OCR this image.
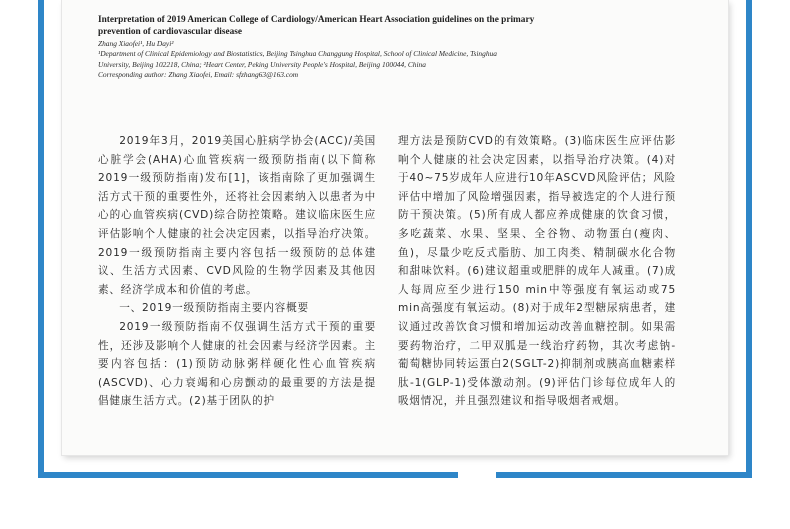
Interpretation of 2019 American College of Cardiology/American Heart Association guidelines on the primary prevention of cardiovascular disease
Zhang Xiaofei¹, Hu Dayi²
¹Department of Clinical Epidemiology and Biostatistics, Beijing Tsinghua Changgung Hospital, School of Clinical Medicine, Tsinghua University, Beijing 102218, China; ²Heart Center, Peking University People's Hospital, Beijing 100044, China
Corresponding author: Zhang Xiaofei, Email: sfzhang63@163.com

2019年3月，2019美国心脏病学协会(ACC)/美国心脏学会(AHA)心血管疾病一级预防指南(以下简称2019一级预防指南)发布[1]，该指南除了更加强调生活方式干预的重要性外，还将社会因素纳入以患者为中心的心血管疾病(CVD)综合防控策略。建议临床医生应评估影响个人健康的社会决定因素，以指导治疗决策。2019一级预防指南主要内容包括一级预防的总体建议、生活方式因素、CVD风险的生物学因素及其他因素、经济学成本和价值的考虑。

一、2019一级预防指南主要内容概要

2019一级预防指南不仅强调生活方式干预的重要性，还涉及影响个人健康的社会因素与经济学因素。主要内容包括：(1)预防动脉粥样硬化性心血管疾病(ASCVD)、心力衰竭和心房颤动的最重要的方法是提倡健康生活方式。(2)基于团队的护

理方法是预防CVD的有效策略。(3)临床医生应评估影响个人健康的社会决定因素，以指导治疗决策。(4)对于40~75岁成年人应进行10年ASCVD风险评估；风险评估中增加了风险增强因素，指导被选定的个人进行预防干预决策。(5)所有成人都应养成健康的饮食习惯，多吃蔬菜、水果、坚果、全谷物、动物蛋白(瘦肉、鱼)，尽量少吃反式脂肪、加工肉类、精制碳水化合物和甜味饮料。(6)建议超重或肥胖的成年人减重。(7)成人每周应至少进行150 min中等强度有氧运动或75 min高强度有氧运动。(8)对于成年2型糖尿病患者，建议通过改善饮食习惯和增加运动改善血糖控制。如果需要药物治疗，二甲双胍是一线治疗药物，其次考虑钠-葡萄糖协同转运蛋白2(SGLT-2)抑制剂或胰高血糖素样肽-1(GLP-1)受体激动剂。(9)评估门诊每位成年人的吸烟情况，并且强烈建议和指导吸烟者戒烟。
